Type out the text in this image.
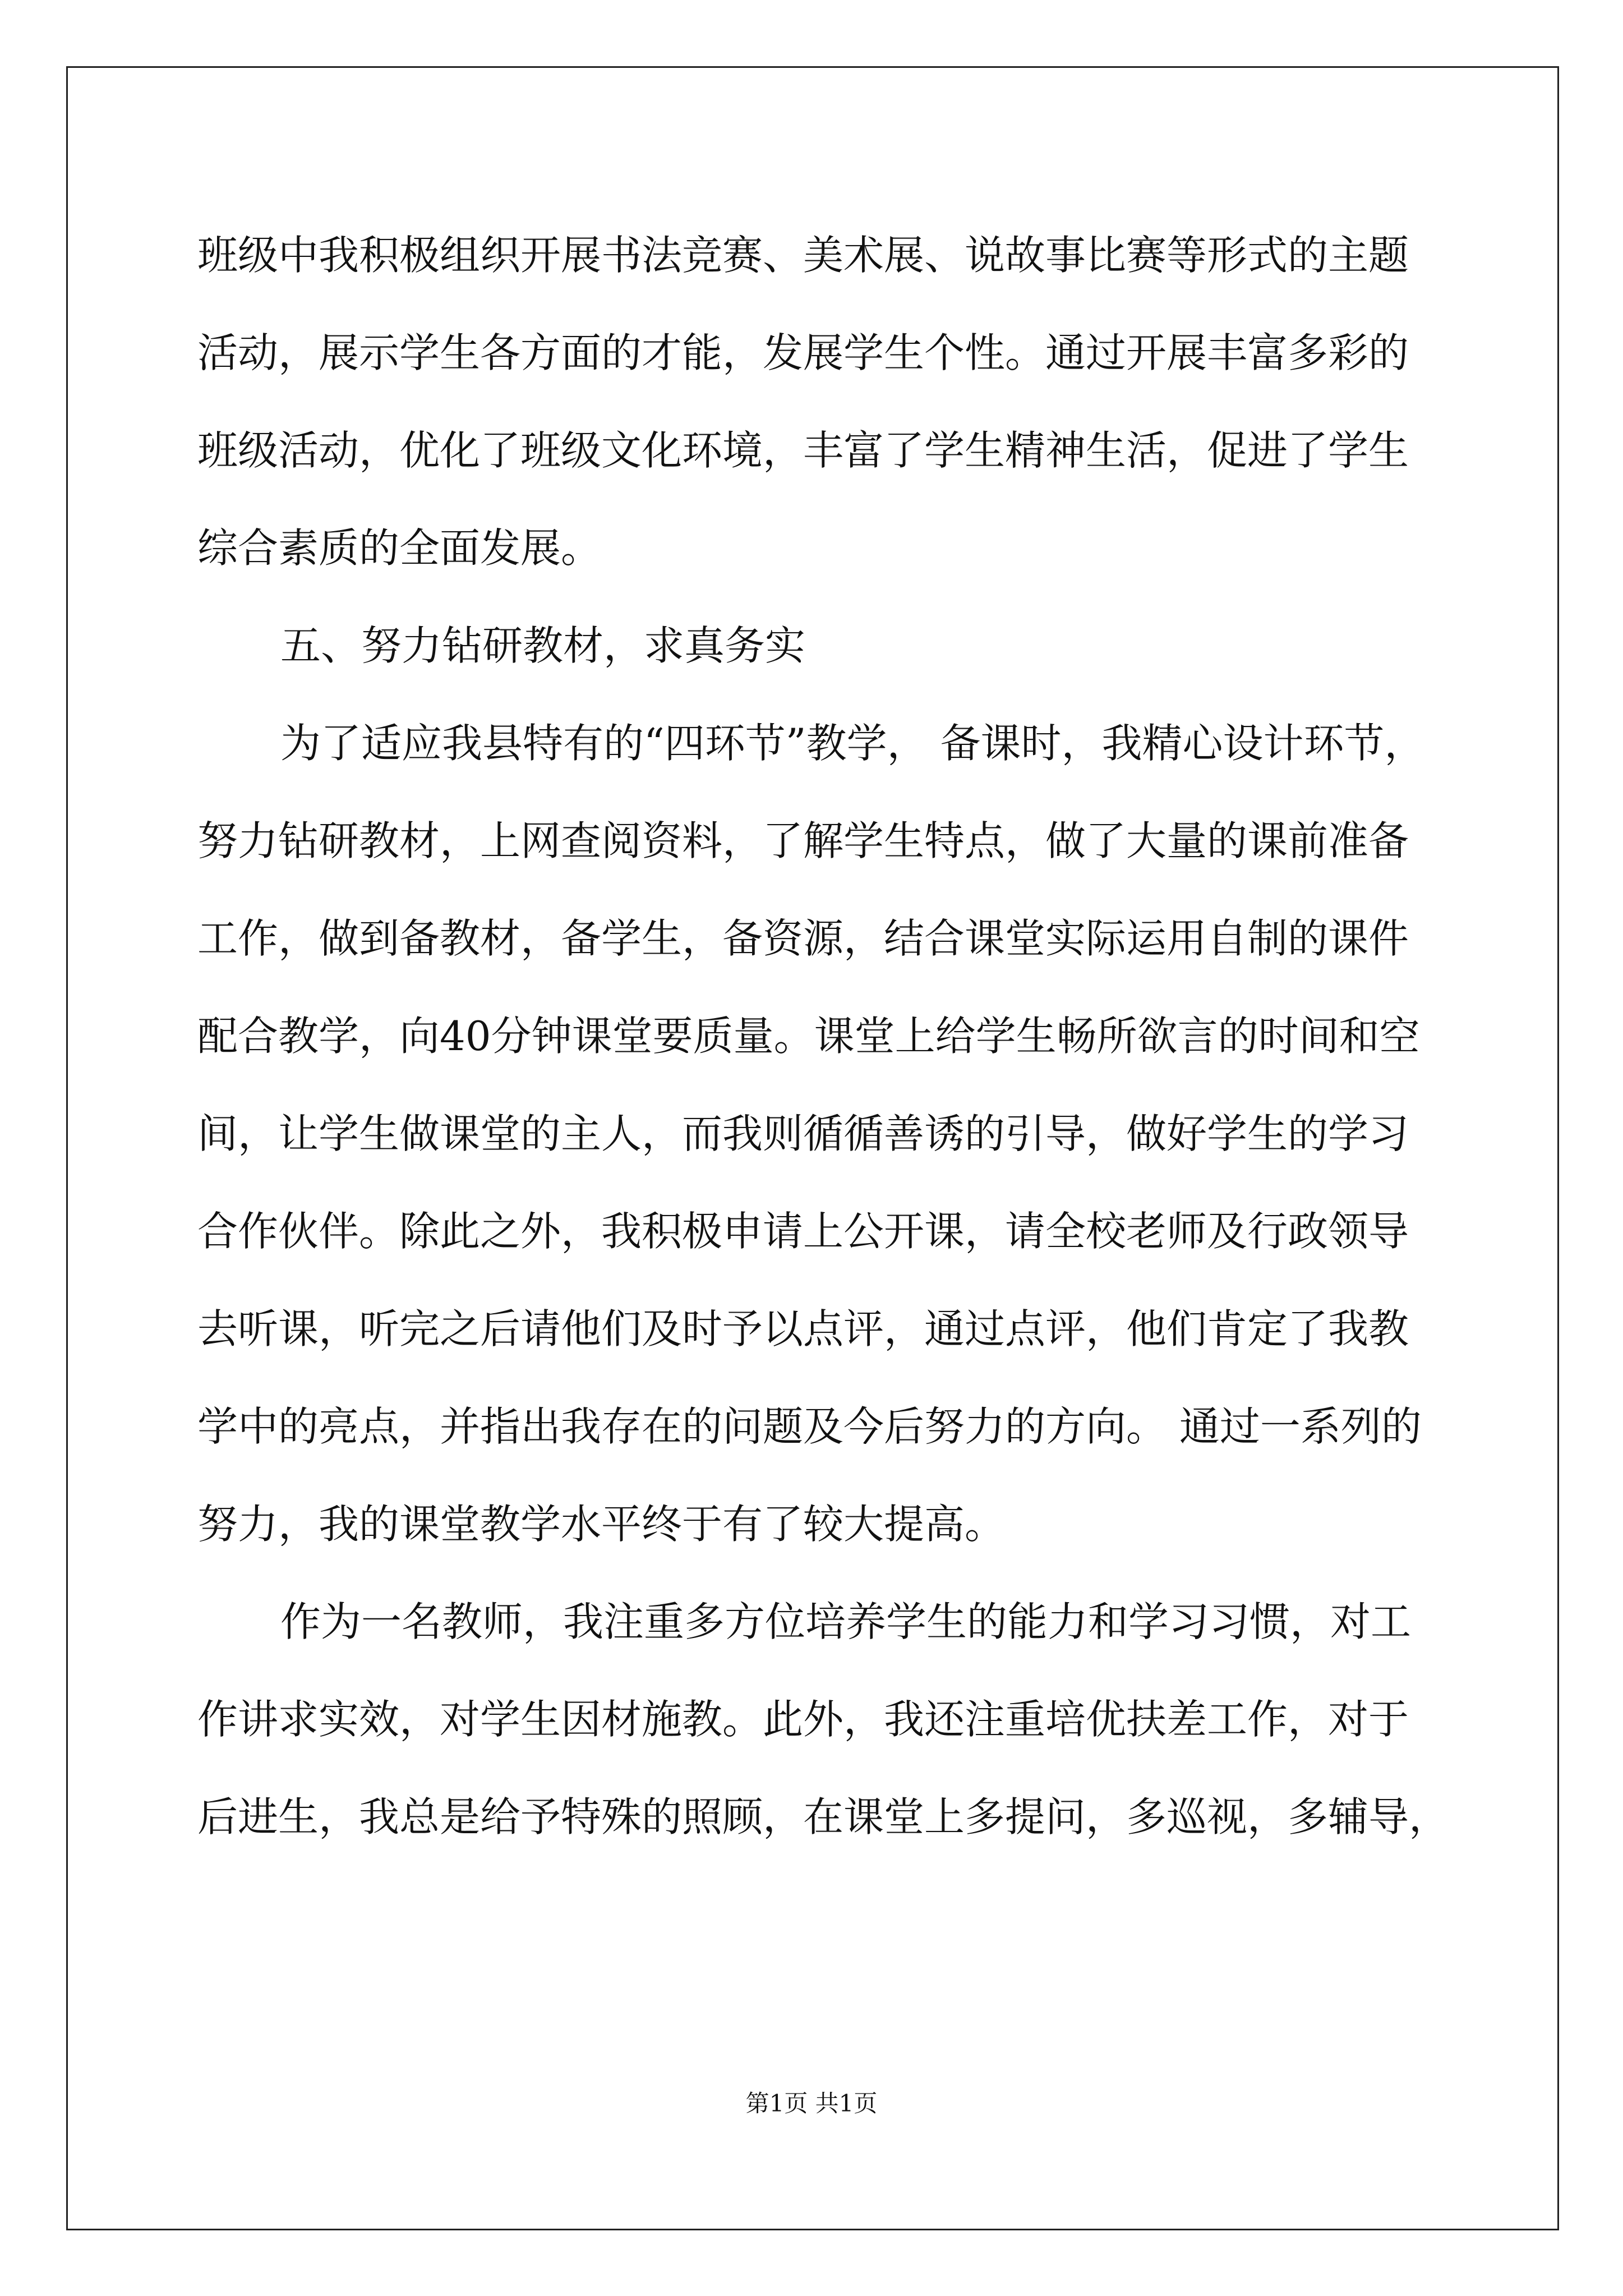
班级中我积极组织开展书法竞赛、美术展、说故事比赛等形式的主题
活动，展示学生各方面的才能，发展学生个性。通过开展丰富多彩的
班级活动，优化了班级文化环境，丰富了学生精神生活，促进了学生
综合素质的全面发展。
五、努力钻研教材，求真务实
为了适应我县特有的“四环节”教学， 备课时，我精心设计环节，
努力钻研教材，上网查阅资料，了解学生特点，做了大量的课前准备
工作，做到备教材，备学生，备资源，结合课堂实际运用自制的课件
配合教学，向40分钟课堂要质量。课堂上给学生畅所欲言的时间和空
间，让学生做课堂的主人，而我则循循善诱的引导，做好学生的学习
合作伙伴。除此之外，我积极申请上公开课，请全校老师及行政领导
去听课，听完之后请他们及时予以点评，通过点评，他们肯定了我教
学中的亮点，并指出我存在的问题及今后努力的方向。 通过一系列的
努力，我的课堂教学水平终于有了较大提高。
作为一名教师，我注重多方位培养学生的能力和学习习惯，对工
作讲求实效，对学生因材施教。此外，我还注重培优扶差工作，对于
后进生，我总是给予特殊的照顾，在课堂上多提问，多巡视，多辅导，
第1页 共1页
